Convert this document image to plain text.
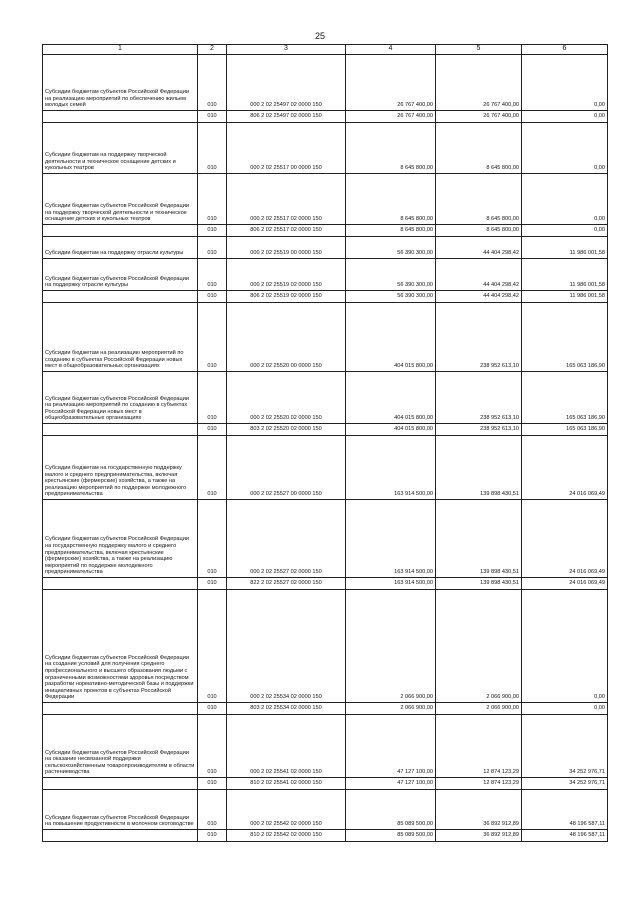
25
1	2	3	4	5	6
Субсидии бюджетам субъектов Российской Федерации на реализацию мероприятий по обеспечению жильем молодых семей	010	000 2 02 25497 02 0000 150	26 767 400,00	26 767 400,00	0,00
	010	806 2 02 25497 02 0000 150	26 767 400,00	26 767 400,00	0,00
Субсидии бюджетам на поддержку творческой деятельности и техническое оснащение детских и кукольных театров	010	000 2 02 25517 00 0000 150	8 645 800,00	8 645 800,00	0,00
Субсидии бюджетам субъектов Российской Федерации на поддержку творческой деятельности и техническое оснащение детских и кукольных театров	010	000 2 02 25517 02 0000 150	8 645 800,00	8 645 800,00	0,00
	010	806 2 02 25517 02 0000 150	8 645 800,00	8 645 800,00	0,00
Субсидии бюджетам на поддержку отрасли культуры	010	000 2 02 25519 00 0000 150	56 390 300,00	44 404 298,42	11 986 001,58
Субсидии бюджетам субъектов Российской Федерации на поддержку отрасли культуры	010	000 2 02 25519 02 0000 150	56 390 300,00	44 404 298,42	11 986 001,58
	010	806 2 02 25519 02 0000 150	56 390 300,00	44 404 298,42	11 986 001,58
Субсидии бюджетам на реализацию мероприятий по созданию в субъектах Российской Федерации новых мест в общеобразовательных организациях	010	000 2 02 25520 00 0000 150	404 015 800,00	238 952 613,10	165 063 186,90
Субсидии бюджетам субъектов Российской Федерации на реализацию мероприятий по созданию в субъектах Российской Федерации новых мест в общеобразовательных организациях	010	000 2 02 25520 02 0000 150	404 015 800,00	238 952 613,10	165 063 186,90
	010	803 2 02 25520 02 0000 150	404 015 800,00	238 952 613,10	165 063 186,90
Субсидии бюджетам на государственную поддержку малого и среднего предпринимательства, включая крестьянские (фермерские) хозяйства, а также на реализацию мероприятий по поддержке молодежного предпринимательства	010	000 2 02 25527 00 0000 150	163 914 500,00	139 898 430,51	24 016 069,49
Субсидии бюджетам субъектов Российской Федерации на государственную поддержку малого и среднего предпринимательства, включая крестьянские (фермерские) хозяйства, а также на реализацию мероприятий по поддержке молодежного предпринимательства	010	000 2 02 25527 02 0000 150	163 914 500,00	139 898 430,51	24 016 069,49
	010	822 2 02 25527 02 0000 150	163 914 500,00	139 898 430,51	24 016 069,49
Субсидии бюджетам субъектов Российской Федерации на создание условий для получения среднего профессионального и высшего образования людьми с ограниченными возможностями здоровья посредством разработки нормативно-методической базы и поддержки инициативных проектов в субъектах Российской Федерации	010	000 2 02 25534 02 0000 150	2 066 900,00	2 066 900,00	0,00
	010	803 2 02 25534 02 0000 150	2 066 900,00	2 066 900,00	0,00
Субсидии бюджетам субъектов Российской Федерации на оказание несвязанной поддержки сельскохозяйственным товаропроизводителям в области растениеводства	010	000 2 02 25541 02 0000 150	47 127 100,00	12 874 123,29	34 252 976,71
	010	810 2 02 25541 02 0000 150	47 127 100,00	12 874 123,29	34 252 976,71
Субсидии бюджетам субъектов Российской Федерации на повышение продуктивности в молочном скотоводстве	010	000 2 02 25542 02 0000 150	85 089 500,00	36 892 912,89	48 196 587,11
	010	810 2 02 25542 02 0000 150	85 089 500,00	36 892 912,89	48 196 587,11
